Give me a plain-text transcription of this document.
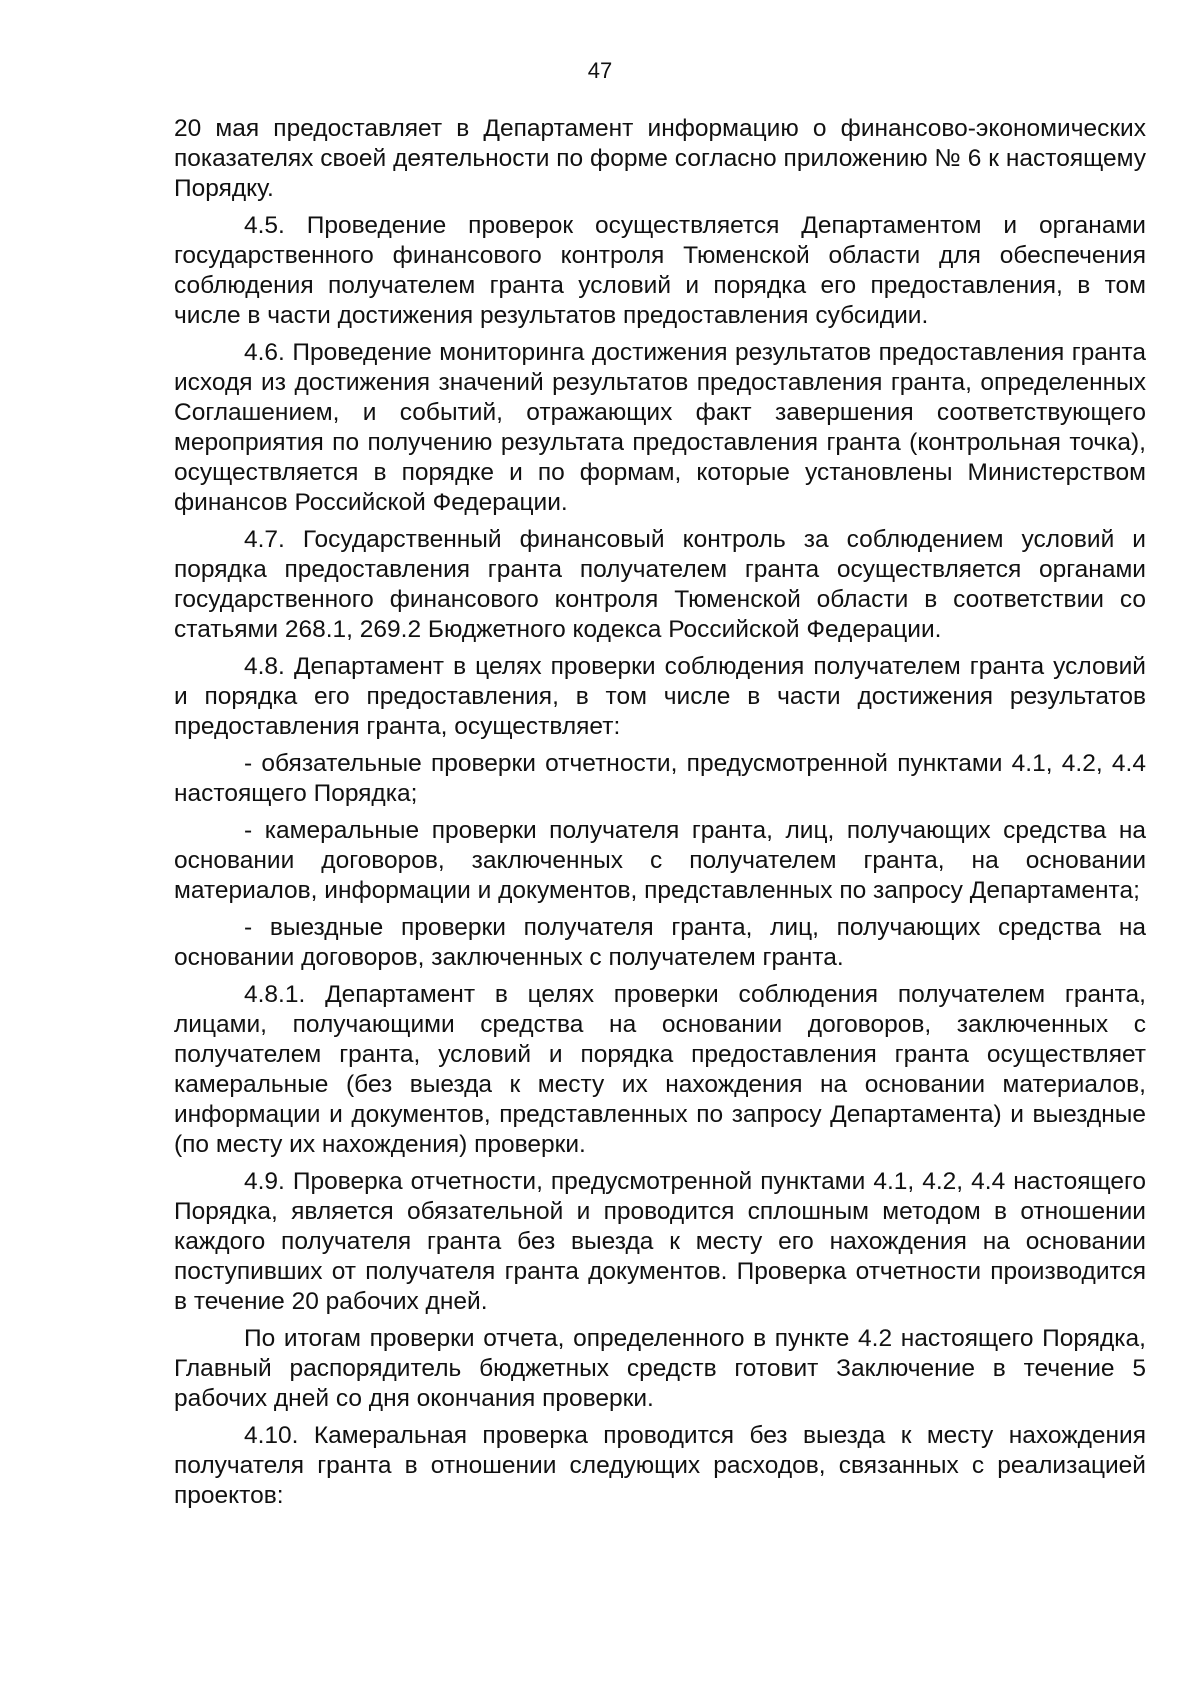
47

20 мая предоставляет в Департамент информацию о финансово-экономических показателях своей деятельности по форме согласно приложению № 6 к настоящему Порядку.

4.5. Проведение проверок осуществляется Департаментом и органами государственного финансового контроля Тюменской области для обеспечения соблюдения получателем гранта условий и порядка его предоставления, в том числе в части достижения результатов предоставления субсидии.

4.6. Проведение мониторинга достижения результатов предоставления гранта исходя из достижения значений результатов предоставления гранта, определенных Соглашением, и событий, отражающих факт завершения соответствующего мероприятия по получению результата предоставления гранта (контрольная точка), осуществляется в порядке и по формам, которые установлены Министерством финансов Российской Федерации.

4.7. Государственный финансовый контроль за соблюдением условий и порядка предоставления гранта получателем гранта осуществляется органами государственного финансового контроля Тюменской области в соответствии со статьями 268.1, 269.2 Бюджетного кодекса Российской Федерации.

4.8. Департамент в целях проверки соблюдения получателем гранта условий и порядка его предоставления, в том числе в части достижения результатов предоставления гранта, осуществляет:

- обязательные проверки отчетности, предусмотренной пунктами 4.1, 4.2, 4.4 настоящего Порядка;

- камеральные проверки получателя гранта, лиц, получающих средства на основании договоров, заключенных с получателем гранта, на основании материалов, информации и документов, представленных по запросу Департамента;

- выездные проверки получателя гранта, лиц, получающих средства на основании договоров, заключенных с получателем гранта.

4.8.1. Департамент в целях проверки соблюдения получателем гранта, лицами, получающими средства на основании договоров, заключенных с получателем гранта, условий и порядка предоставления гранта осуществляет камеральные (без выезда к месту их нахождения на основании материалов, информации и документов, представленных по запросу Департамента) и выездные (по месту их нахождения) проверки.

4.9. Проверка отчетности, предусмотренной пунктами 4.1, 4.2, 4.4 настоящего Порядка, является обязательной и проводится сплошным методом в отношении каждого получателя гранта без выезда к месту его нахождения на основании поступивших от получателя гранта документов. Проверка отчетности производится в течение 20 рабочих дней.

По итогам проверки отчета, определенного в пункте 4.2 настоящего Порядка, Главный распорядитель бюджетных средств готовит Заключение в течение 5 рабочих дней со дня окончания проверки.

4.10. Камеральная проверка проводится без выезда к месту нахождения получателя гранта в отношении следующих расходов, связанных с реализацией проектов:
